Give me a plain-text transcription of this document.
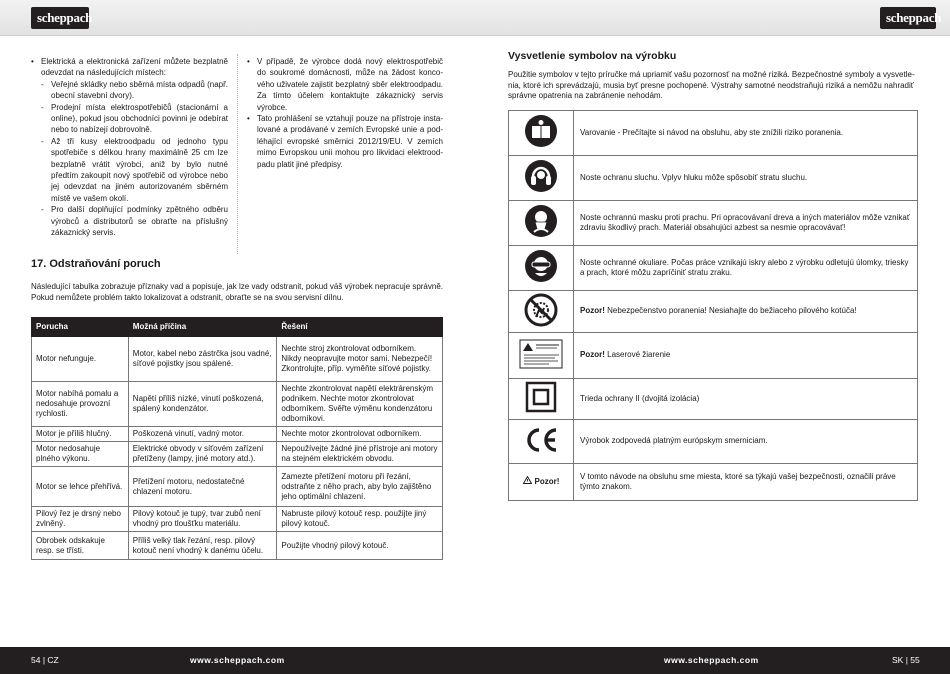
scheppach	scheppach
• Elektrická a elektronická zařízení můžete bezplatně odevzdat na následujících místech:
- Veřejné skládky nebo sběrná místa odpadů (např. obecní stavební dvory).
- Prodejní místa elektrospotřebičů (stacionární a online), pokud jsou obchodníci povinni je odebírat nebo to nabízejí dobrovolně.
- Až tři kusy elektroodpadu od jednoho typu spotřebiče s délkou hrany maximálně 25 cm lze bezplatně vrátit výrobci, aniž by bylo nutné předtím zakoupit nový spotřebič od výrobce nebo jej odevzdat na jiném autorizovaném sběrném místě ve vašem okolí.
- Pro další doplňující podmínky zpětného odběru výrobců a distributorů se obraťte na příslušný zákaznický servis.
• V případě, že výrobce dodá nový elektrospotřebič do soukromé domácnosti, může na žádost koncového uživatele zajistit bezplatný sběr elektroodpadu. Za tímto účelem kontaktujte zákaznický servis výrobce.
• Tato prohlášení se vztahují pouze na přístroje instalované a prodávané v zemích Evropské unie a podléhající evropské směrnici 2012/19/EU. V zemích mimo Evropskou unii mohou pro likvidaci elektroodpadu platit jiné předpisy.
17. Odstraňování poruch
Následující tabulka zobrazuje příznaky vad a popisuje, jak lze vady odstranit, pokud váš výrobek nepracuje správně. Pokud nemůžete problém takto lokalizovat a odstranit, obraťte se na svou servisní dílnu.
Porucha	Možná příčina	Řešení
Motor nefunguje.	Motor, kabel nebo zástrčka jsou vadné, síťové pojistky jsou spálené.	Nechte stroj zkontrolovat odborníkem. Nikdy neopravujte motor sami. Nebezpečí! Zkontrolujte, příp. vyměňte síťové pojistky.
Motor nabíhá pomalu a nedosahuje provozní rychlosti.	Napětí příliš nízké, vinutí poškozená, spálený kondenzátor.	Nechte zkontrolovat napětí elektrárenským podnikem. Nechte motor zkontrolovat odborníkem. Svěřte výměnu kondenzátoru odborníkovi.
Motor je příliš hlučný.	Poškozená vinutí, vadný motor.	Nechte motor zkontrolovat odborníkem.
Motor nedosahuje plného výkonu.	Elektrické obvody v síťovém zařízení přetíženy (lampy, jiné motory atd.).	Nepoužívejte žádné jiné přístroje ani motory na stejném elektrickém obvodu.
Motor se lehce přehřívá.	Přetížení motoru, nedostatečné chlazení motoru.	Zamezte přetížení motoru při řezání, odstraňte z něho prach, aby bylo zajištěno jeho optimální chlazení.
Pilový řez je drsný nebo zvlněný.	Pilový kotouč je tupý, tvar zubů není vhodný pro tloušťku materiálu.	Nabruste pilový kotouč resp. použijte jiný pilový kotouč.
Obrobek odskakuje resp. se třísti.	Příliš velký tlak řezání, resp. pilový kotouč není vhodný k danému účelu.	Použijte vhodný pilový kotouč.
Vysvetlenie symbolov na výrobku
Použitie symbolov v tejto príručke má upriamiť vašu pozornosť na možné riziká. Bezpečnostné symboly a vysvetlenia, ktoré ich sprevádzajú, musia byť presne pochopené. Výstrahy samotné neodstraňujú riziká a nemôžu nahradiť správne opatrenia na zabránenie nehodám.
	Varovanie - Prečítajte si návod na obsluhu, aby ste znížili riziko poranenia.

	Noste ochranu sluchu. Vplyv hluku môže spôsobiť stratu sluchu.

	Noste ochrannú masku proti prachu. Pri opracovávaní dreva a iných materiálov môže vznikať zdraviu škodlivý prach. Materiál obsahujúci azbest sa nesmie opracovávať!

	Noste ochranné okuliare. Počas práce vznikajú iskry alebo z výrobku odletujú úlomky, triesky a prach, ktoré môžu zapríčiniť stratu zraku.

	Pozor! Nebezpečenstvo poranenia! Nesiahajte do bežiaceho pilového kotúča!

	Pozor! Laserové žiarenie

	Trieda ochrany II (dvojitá izolácia)

	Výrobok zodpovedá platným európskym smerniciam.

Pozor!	V tomto návode na obsluhu sme miesta, ktoré sa týkajú vašej bezpečnosti, označili práve týmto znakom.
54 | CZ	www.scheppach.com	www.scheppach.com	SK | 55
